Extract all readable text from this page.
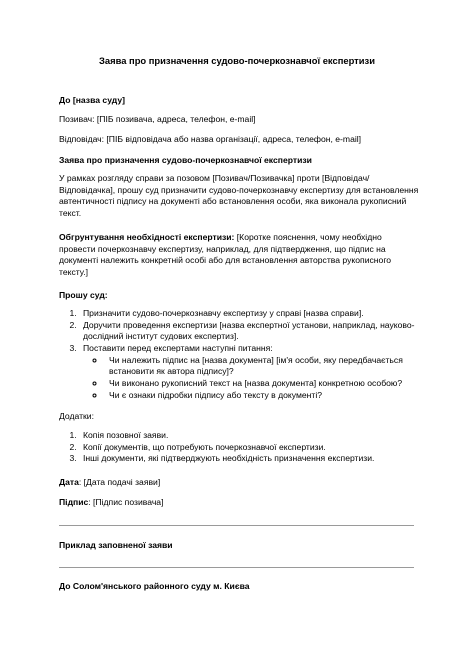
Заява про призначення судово-почеркознавчої експертизи

До [назва суду]

Позивач: [ПІБ позивача, адреса, телефон, e-mail]

Відповідач: [ПІБ відповідача або назва організації, адреса, телефон, e-mail]

Заява про призначення судово-почеркознавчої експертизи

У рамках розгляду справи за позовом [Позивач/Позивачка] проти [Відповідач/Відповідачка], прошу суд призначити судово-почеркознавчу експертизу для встановлення автентичності підпису на документі або встановлення особи, яка виконала рукописний текст.

Обгрунтування необхідності експертизи: [Коротке пояснення, чому необхідно провести почеркознавчу експертизу, наприклад, для підтвердження, що підпис на документі належить конкретній особі або для встановлення авторства рукописного тексту.]

Прошу суд:

1. Призначити судово-почеркознавчу експертизу у справі [назва справи].
2. Доручити проведення експертизи [назва експертної установи, наприклад, науково-дослідний інститут судових експертиз].
3. Поставити перед експертами наступні питання:
◦ Чи належить підпис на [назва документа] [ім'я особи, яку передбачається встановити як автора підпису]?
◦ Чи виконано рукописний текст на [назва документа] конкретною особою?
◦ Чи є ознаки підробки підпису або тексту в документі?

Додатки:

1. Копія позовної заяви.
2. Копії документів, що потребують почеркознавчої експертизи.
3. Інші документи, які підтверджують необхідність призначення експертизи.

Дата: [Дата подачі заяви]

Підпис: [Підпис позивача]

Приклад заповненої заяви

До Солом'янського районного суду м. Києва
